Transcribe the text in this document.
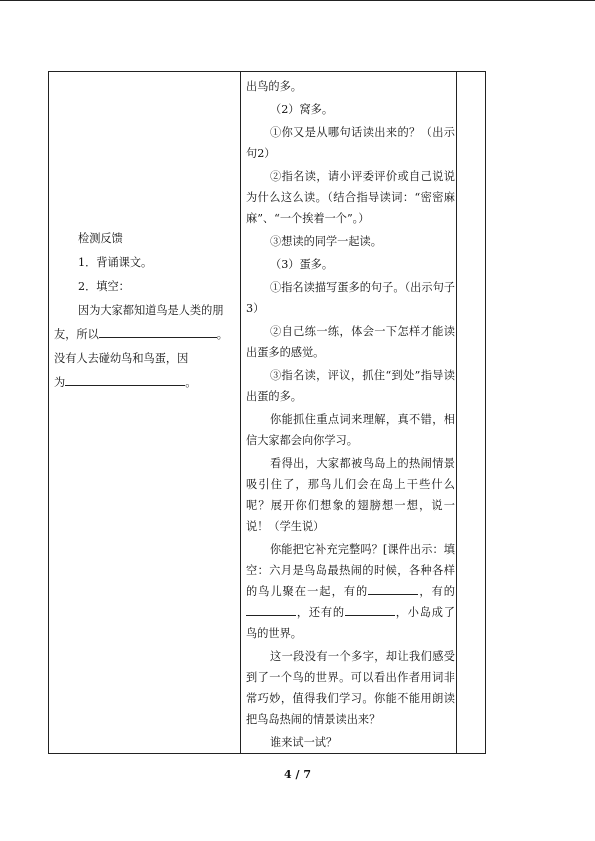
检测反馈

1．背诵课文。

2．填空：

因为大家都知道鸟是人类的朋

友，所以	。

没有人去碰幼鸟和鸟蛋，因

为	。

出鸟的多。

（2）窝多。

①你又是从哪句话读出来的？（出示句2）

②指名读，请小评委评价或自己说说为什么这么读。（结合指导读词：“密密麻麻”、“一个挨着一个”。）

③想读的同学一起读。

（3）蛋多。

①指名读描写蛋多的句子。（出示句子3）

②自己练一练，体会一下怎样才能读出蛋多的感觉。

③指名读，评议，抓住“到处”指导读出蛋的多。

你能抓住重点词来理解，真不错，相信大家都会向你学习。

看得出，大家都被鸟岛上的热闹情景吸引住了，那鸟儿们会在岛上干些什么呢？展开你们想象的翅膀想一想，说一说！（学生说）

你能把它补充完整吗？[课件出示：填空：六月是鸟岛最热闹的时候，各种各样的鸟儿聚在一起，有的	，有的，还有的	，小岛成了鸟的世界。

这一段没有一个多字，却让我们感受到了一个鸟的世界。可以看出作者用词非常巧妙，值得我们学习。你能不能用朗读把鸟岛热闹的情景读出来？

谁来试一试？

4 / 7
